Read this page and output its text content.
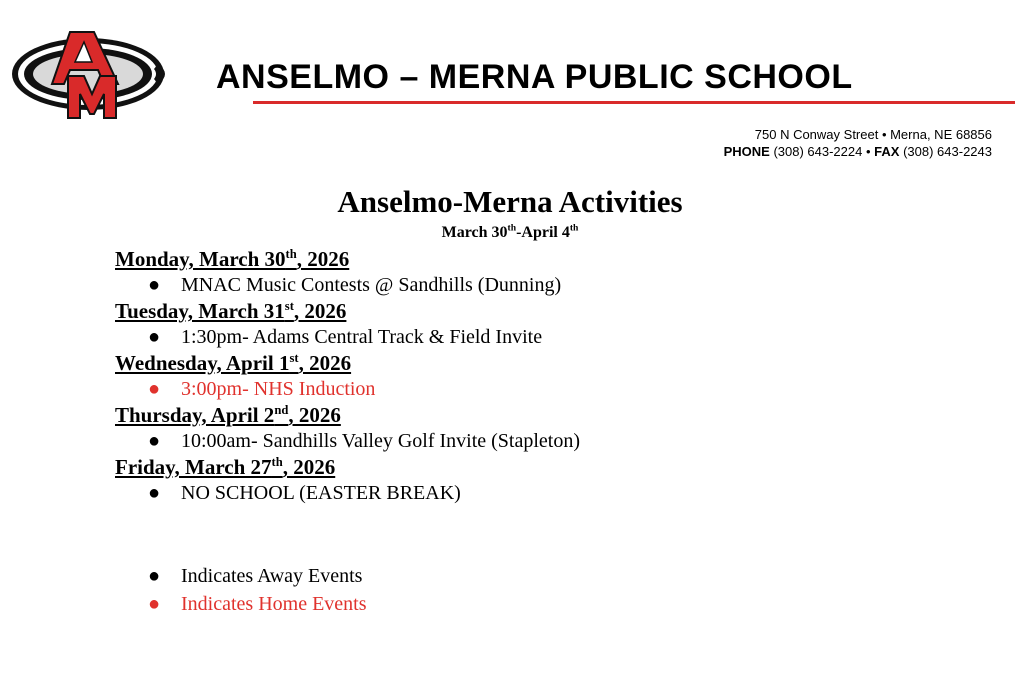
ANSELMO – MERNA PUBLIC SCHOOL
750 N Conway Street • Merna, NE 68856
PHONE (308) 643-2224 • FAX (308) 643-2243
Anselmo-Merna Activities
March 30th-April 4th
Monday, March 30th, 2026
● MNAC Music Contests @ Sandhills (Dunning)
Tuesday, March 31st, 2026
● 1:30pm- Adams Central Track & Field Invite
Wednesday, April 1st, 2026
● 3:00pm- NHS Induction
Thursday, April 2nd, 2026
● 10:00am- Sandhills Valley Golf Invite (Stapleton)
Friday, March 27th, 2026
● NO SCHOOL (EASTER BREAK)
● Indicates Away Events
● Indicates Home Events
